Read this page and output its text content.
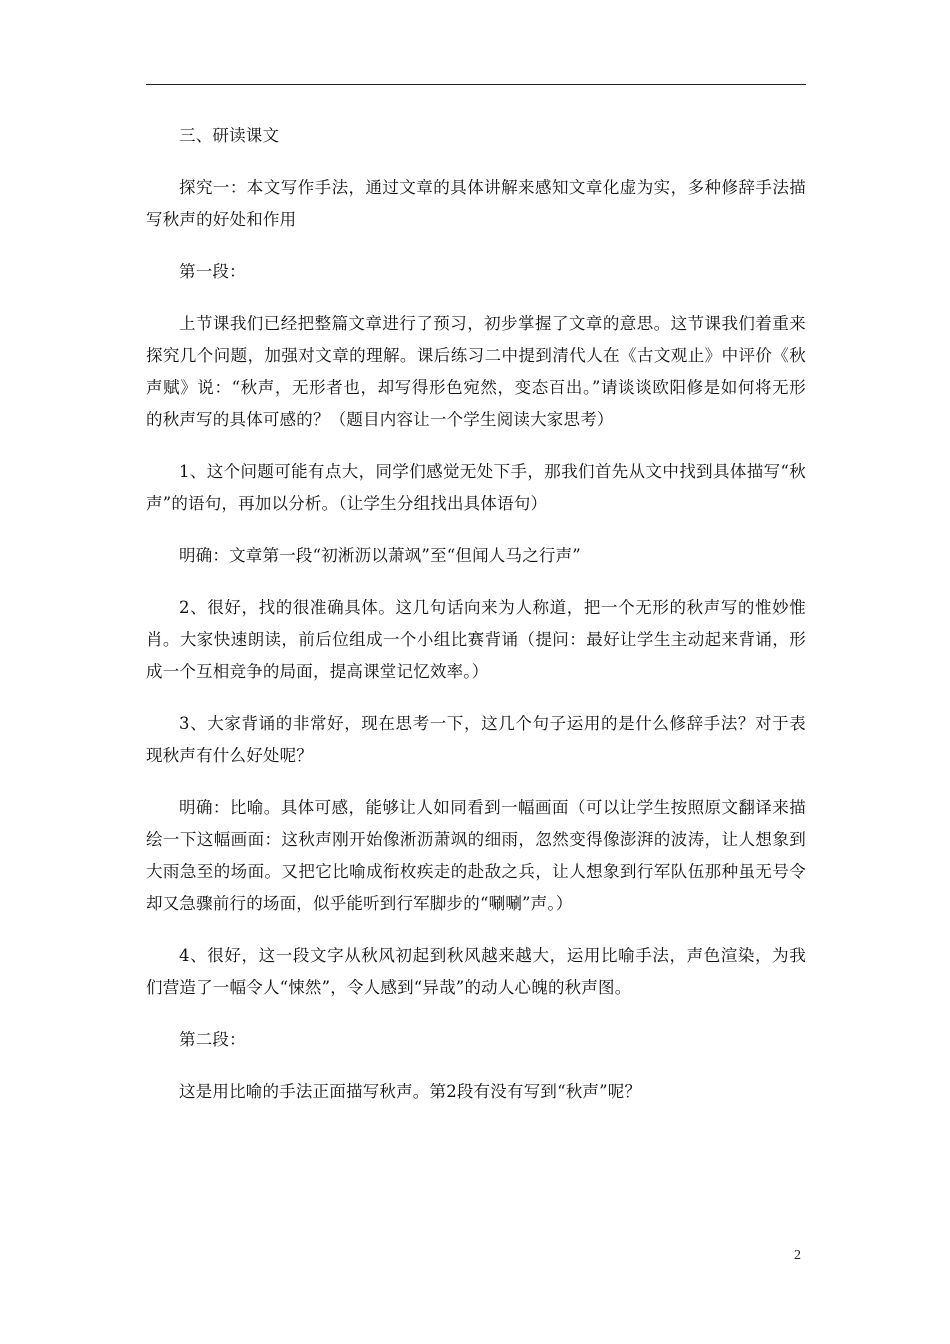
三、研读课文

探究一：本文写作手法，通过文章的具体讲解来感知文章化虚为实，多种修辞手法描写秋声的好处和作用

第一段：

上节课我们已经把整篇文章进行了预习，初步掌握了文章的意思。这节课我们着重来探究几个问题，加强对文章的理解。课后练习二中提到清代人在《古文观止》中评价《秋声赋》说：“秋声，无形者也，却写得形色宛然，变态百出。”请谈谈欧阳修是如何将无形的秋声写的具体可感的？（题目内容让一个学生阅读大家思考）

1、这个问题可能有点大，同学们感觉无处下手，那我们首先从文中找到具体描写“秋声”的语句，再加以分析。（让学生分组找出具体语句）

明确：文章第一段“初淅沥以萧飒”至“但闻人马之行声”

2、很好，找的很准确具体。这几句话向来为人称道，把一个无形的秋声写的惟妙惟肖。大家快速朗读，前后位组成一个小组比赛背诵（提问：最好让学生主动起来背诵，形成一个互相竞争的局面，提高课堂记忆效率。）

3、大家背诵的非常好，现在思考一下，这几个句子运用的是什么修辞手法？对于表现秋声有什么好处呢？

明确：比喻。具体可感，能够让人如同看到一幅画面（可以让学生按照原文翻译来描绘一下这幅画面：这秋声刚开始像淅沥萧飒的细雨，忽然变得像澎湃的波涛，让人想象到大雨急至的场面。又把它比喻成衔枚疾走的赴敌之兵，让人想象到行军队伍那种虽无号令却又急骤前行的场面，似乎能听到行军脚步的“唰唰”声。）

4、很好，这一段文字从秋风初起到秋风越来越大，运用比喻手法，声色渲染，为我们营造了一幅令人“悚然”，令人感到“异哉”的动人心魄的秋声图。

第二段：

这是用比喻的手法正面描写秋声。第2段有没有写到“秋声”呢？

2
